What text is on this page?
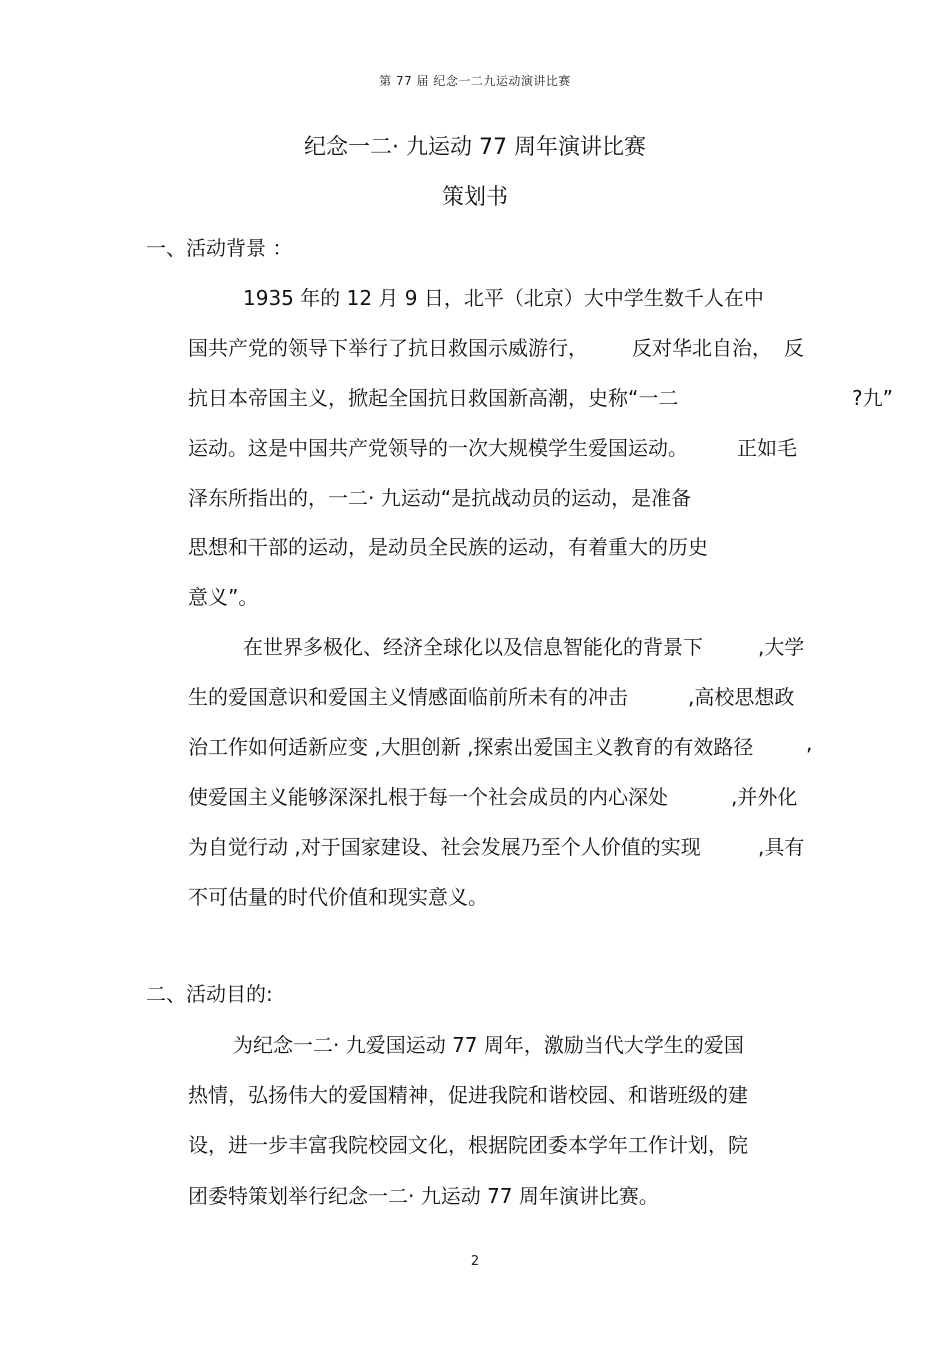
第 77 届 纪念一二九运动演讲比赛
纪念一二· 九运动 77 周年演讲比赛
策划书
一、活动背景 ：
1935 年的 12 月 9 日，北平（北京）大中学生数千人在中
国共产党的领导下举行了抗日救国示威游行， 反对华北自治， 反
抗日本帝国主义，掀起全国抗日救国新高潮，史称“一二	?九”
运动。这是中国共产党领导的一次大规模学生爱国运动。 正如毛
泽东所指出的，一二· 九运动“是抗战动员的运动，是准备
思想和干部的运动，是动员全民族的运动，有着重大的历史
意义”。
在世界多极化、经济全球化以及信息智能化的背景下	,大学
生的爱国意识和爱国主义情感面临前所未有的冲击	,高校思想政
治工作如何适新应变 ,大胆创新 ,探索出爱国主义教育的有效路径	,
使爱国主义能够深深扎根于每一个社会成员的内心深处	,并外化
为自觉行动 ,对于国家建设、社会发展乃至个人价值的实现	,具有
不可估量的时代价值和现实意义。
二、活动目的:
为纪念一二· 九爱国运动 77 周年，激励当代大学生的爱国
热情，弘扬伟大的爱国精神，促进我院和谐校园、和谐班级的建
设，进一步丰富我院校园文化，根据院团委本学年工作计划，院
团委特策划举行纪念一二· 九运动 77 周年演讲比赛。
2
